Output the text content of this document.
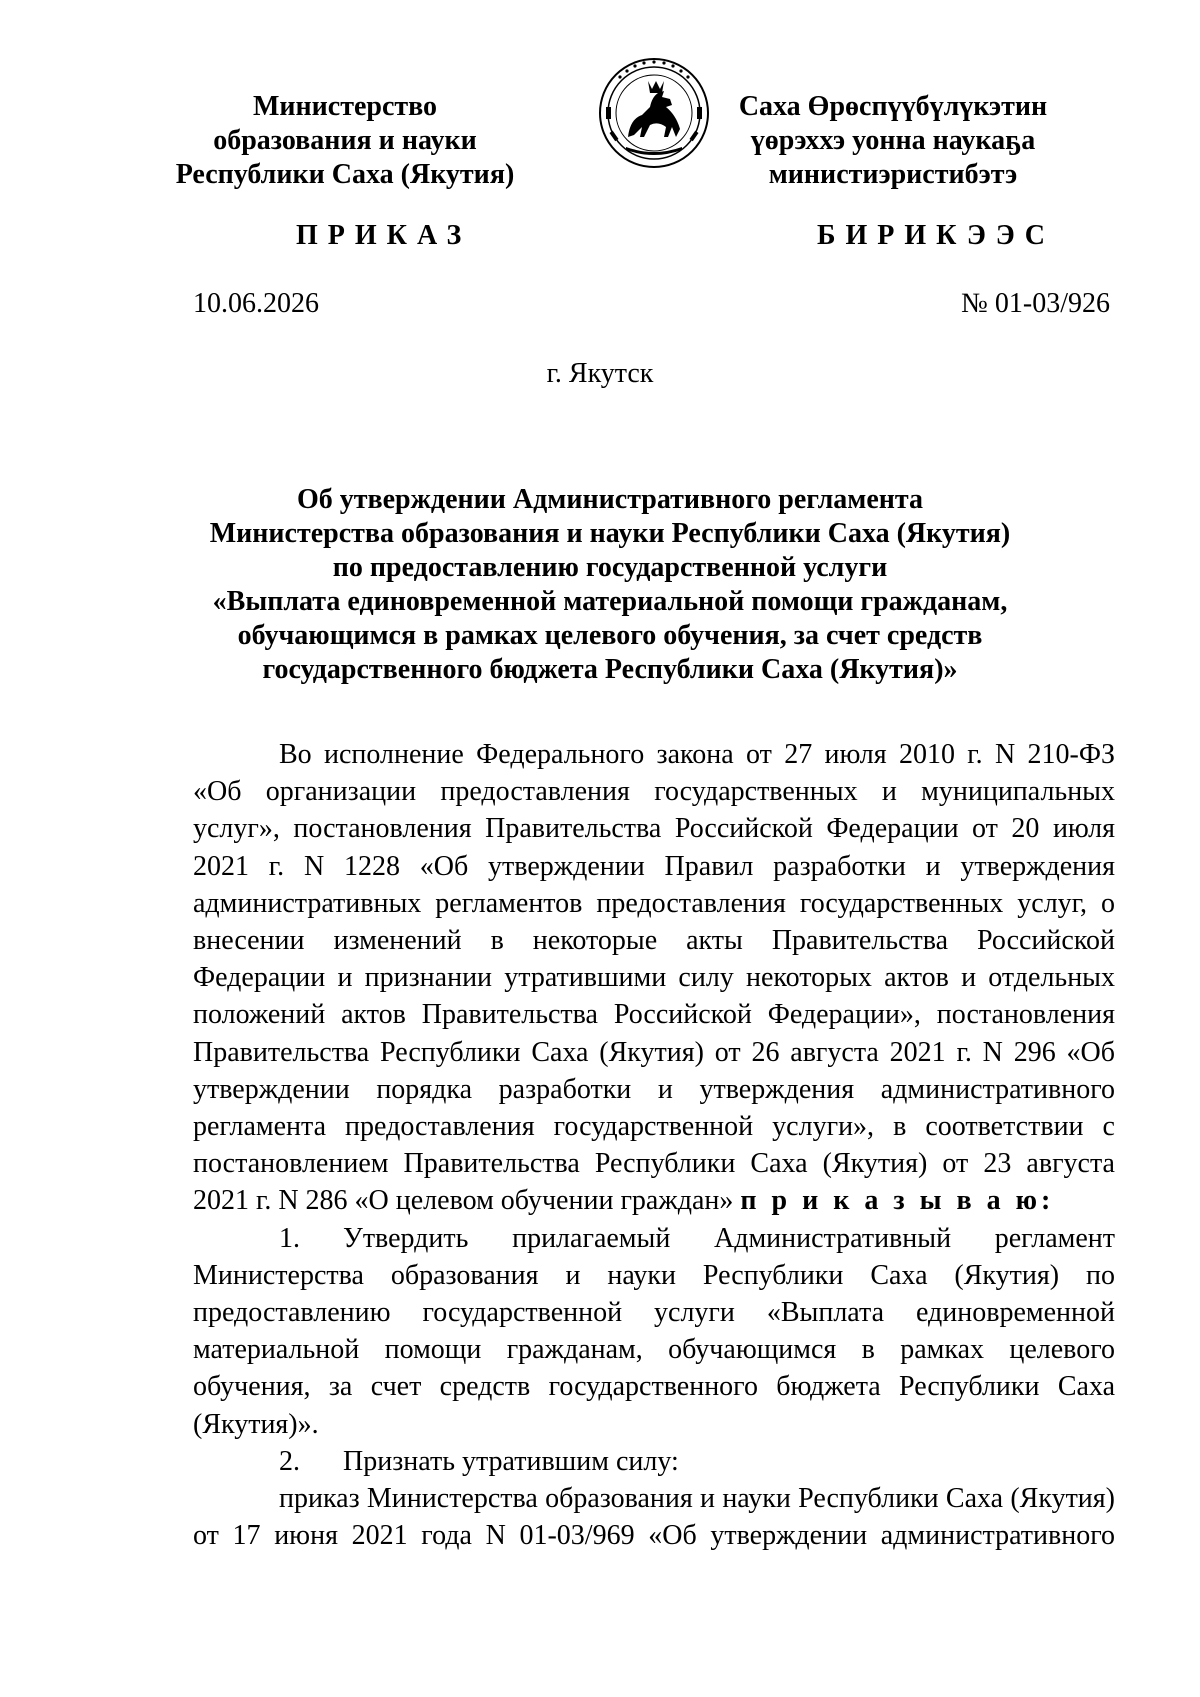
Министерство
образования и науки
Республики Саха (Якутия)
Саха Өрөспүүбүлүкэтин
үөрэххэ уонна наукаҕа
министиэристибэтэ
ПРИКАЗ	БИРИКЭЭС
10.06.2026	№ 01-03/926
г. Якутск
Об утверждении Административного регламента
Министерства образования и науки Республики Саха (Якутия)
по предоставлению государственной услуги
«Выплата единовременной материальной помощи гражданам,
обучающимся в рамках целевого обучения, за счет средств
государственного бюджета Республики Саха (Якутия)»

Во исполнение Федерального закона от 27 июля 2010 г. N 210-ФЗ «Об организации предоставления государственных и муниципальных услуг», постановления Правительства Российской Федерации от 20 июля 2021 г. N 1228 «Об утверждении Правил разработки и утверждения административных регламентов предоставления государственных услуг, о внесении изменений в некоторые акты Правительства Российской Федерации и признании утратившими силу некоторых актов и отдельных положений актов Правительства Российской Федерации», постановления Правительства Республики Саха (Якутия) от 26 августа 2021 г. N 296 «Об утверждении порядка разработки и утверждения административного регламента предоставления государственной услуги», в соответствии с постановлением Правительства Республики Саха (Якутия) от 23 августа 2021 г. N 286 «О целевом обучении граждан» п р и к а з ы в а ю:

1. Утвердить прилагаемый Административный регламент Министерства образования и науки Республики Саха (Якутия) по предоставлению государственной услуги «Выплата единовременной материальной помощи гражданам, обучающимся в рамках целевого обучения, за счет средств государственного бюджета Республики Саха (Якутия)».

2. Признать утратившим силу:

приказ Министерства образования и науки Республики Саха (Якутия) от 17 июня 2021 года N 01-03/969 «Об утверждении административного
